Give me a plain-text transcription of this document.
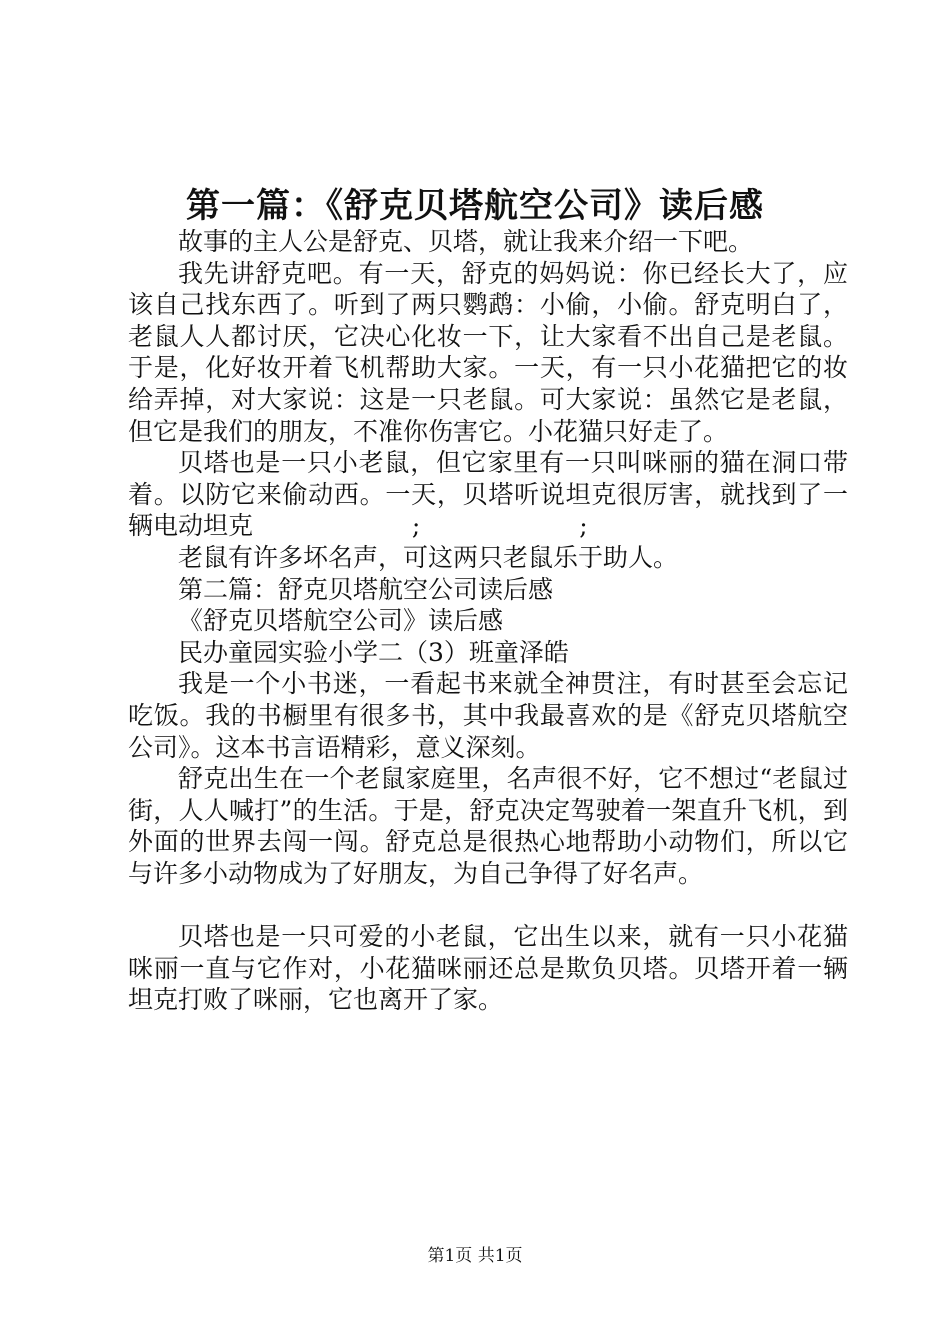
第一篇：《舒克贝塔航空公司》读后感

故事的主人公是舒克、贝塔，就让我来介绍一下吧。

我先讲舒克吧。有一天，舒克的妈妈说：你已经长大了，应该自己找东西了。听到了两只鹦鹉：小偷，小偷。舒克明白了，老鼠人人都讨厌，它决心化妆一下，让大家看不出自己是老鼠。于是，化好妆开着飞机帮助大家。一天，有一只小花猫把它的妆给弄掉，对大家说：这是一只老鼠。可大家说：虽然它是老鼠，但它是我们的朋友，不准你伤害它。小花猫只好走了。

贝塔也是一只小老鼠，但它家里有一只叫咪丽的猫在洞口带着。以防它来偷动西。一天，贝塔听说坦克很厉害，就找到了一辆电动坦克                    ;                    ;

老鼠有许多坏名声，可这两只老鼠乐于助人。

第二篇：舒克贝塔航空公司读后感

《舒克贝塔航空公司》读后感

民办童园实验小学二（3）班童泽皓

我是一个小书迷，一看起书来就全神贯注，有时甚至会忘记吃饭。我的书橱里有很多书，其中我最喜欢的是《舒克贝塔航空公司》。这本书言语精彩，意义深刻。

舒克出生在一个老鼠家庭里，名声很不好，它不想过“老鼠过街，人人喊打”的生活。于是，舒克决定驾驶着一架直升飞机，到外面的世界去闯一闯。舒克总是很热心地帮助小动物们，所以它与许多小动物成为了好朋友，为自己争得了好名声。

贝塔也是一只可爱的小老鼠，它出生以来，就有一只小花猫咪丽一直与它作对，小花猫咪丽还总是欺负贝塔。贝塔开着一辆坦克打败了咪丽，它也离开了家。

第1页 共1页
